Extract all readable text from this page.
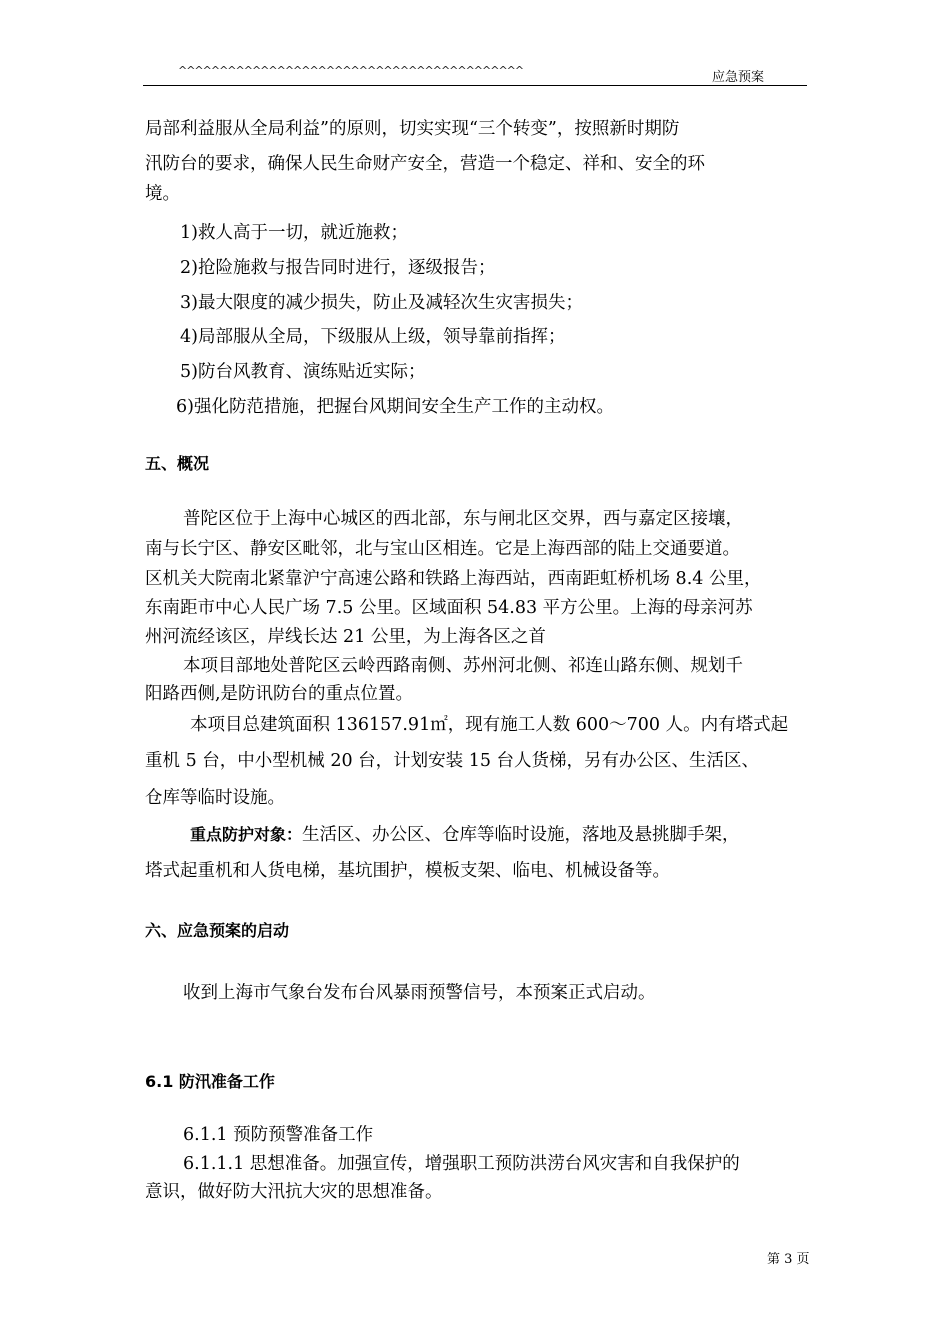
^^^^^^^^^^^^^^^^^^^^^^^^^^^^^^^^^^^^^^^^^^	应急预案
局部利益服从全局利益”的原则，切实实现“三个转变”，按照新时期防
汛防台的要求，确保人民生命财产安全，营造一个稳定、祥和、安全的环
境。
1)救人高于一切，就近施救；
2)抢险施救与报告同时进行，逐级报告；
3)最大限度的减少损失，防止及减轻次生灾害损失；
4)局部服从全局，下级服从上级，领导靠前指挥；
5)防台风教育、演练贴近实际；
6)强化防范措施，把握台风期间安全生产工作的主动权。
五、概况
普陀区位于上海中心城区的西北部，东与闸北区交界，西与嘉定区接壤，
南与长宁区、静安区毗邻，北与宝山区相连。它是上海西部的陆上交通要道。
区机关大院南北紧靠沪宁高速公路和铁路上海西站，西南距虹桥机场 8.4 公里，
东南距市中心人民广场 7.5 公里。区域面积 54.83 平方公里。上海的母亲河苏
州河流经该区，岸线长达 21 公里，为上海各区之首
本项目部地处普陀区云岭西路南侧、苏州河北侧、祁连山路东侧、规划千
阳路西侧,是防讯防台的重点位置。
本项目总建筑面积 136157.91㎡，现有施工人数 600～700 人。内有塔式起
重机 5 台，中小型机械 20 台，计划安装 15 台人货梯，另有办公区、生活区、
仓库等临时设施。
重点防护对象：生活区、办公区、仓库等临时设施，落地及悬挑脚手架，
塔式起重机和人货电梯，基坑围护，模板支架、临电、机械设备等。
六、应急预案的启动
收到上海市气象台发布台风暴雨预警信号，本预案正式启动。
6.1 防汛准备工作
6.1.1 预防预警准备工作
6.1.1.1 思想准备。加强宣传，增强职工预防洪涝台风灾害和自我保护的
意识，做好防大汛抗大灾的思想准备。
第 3 页
